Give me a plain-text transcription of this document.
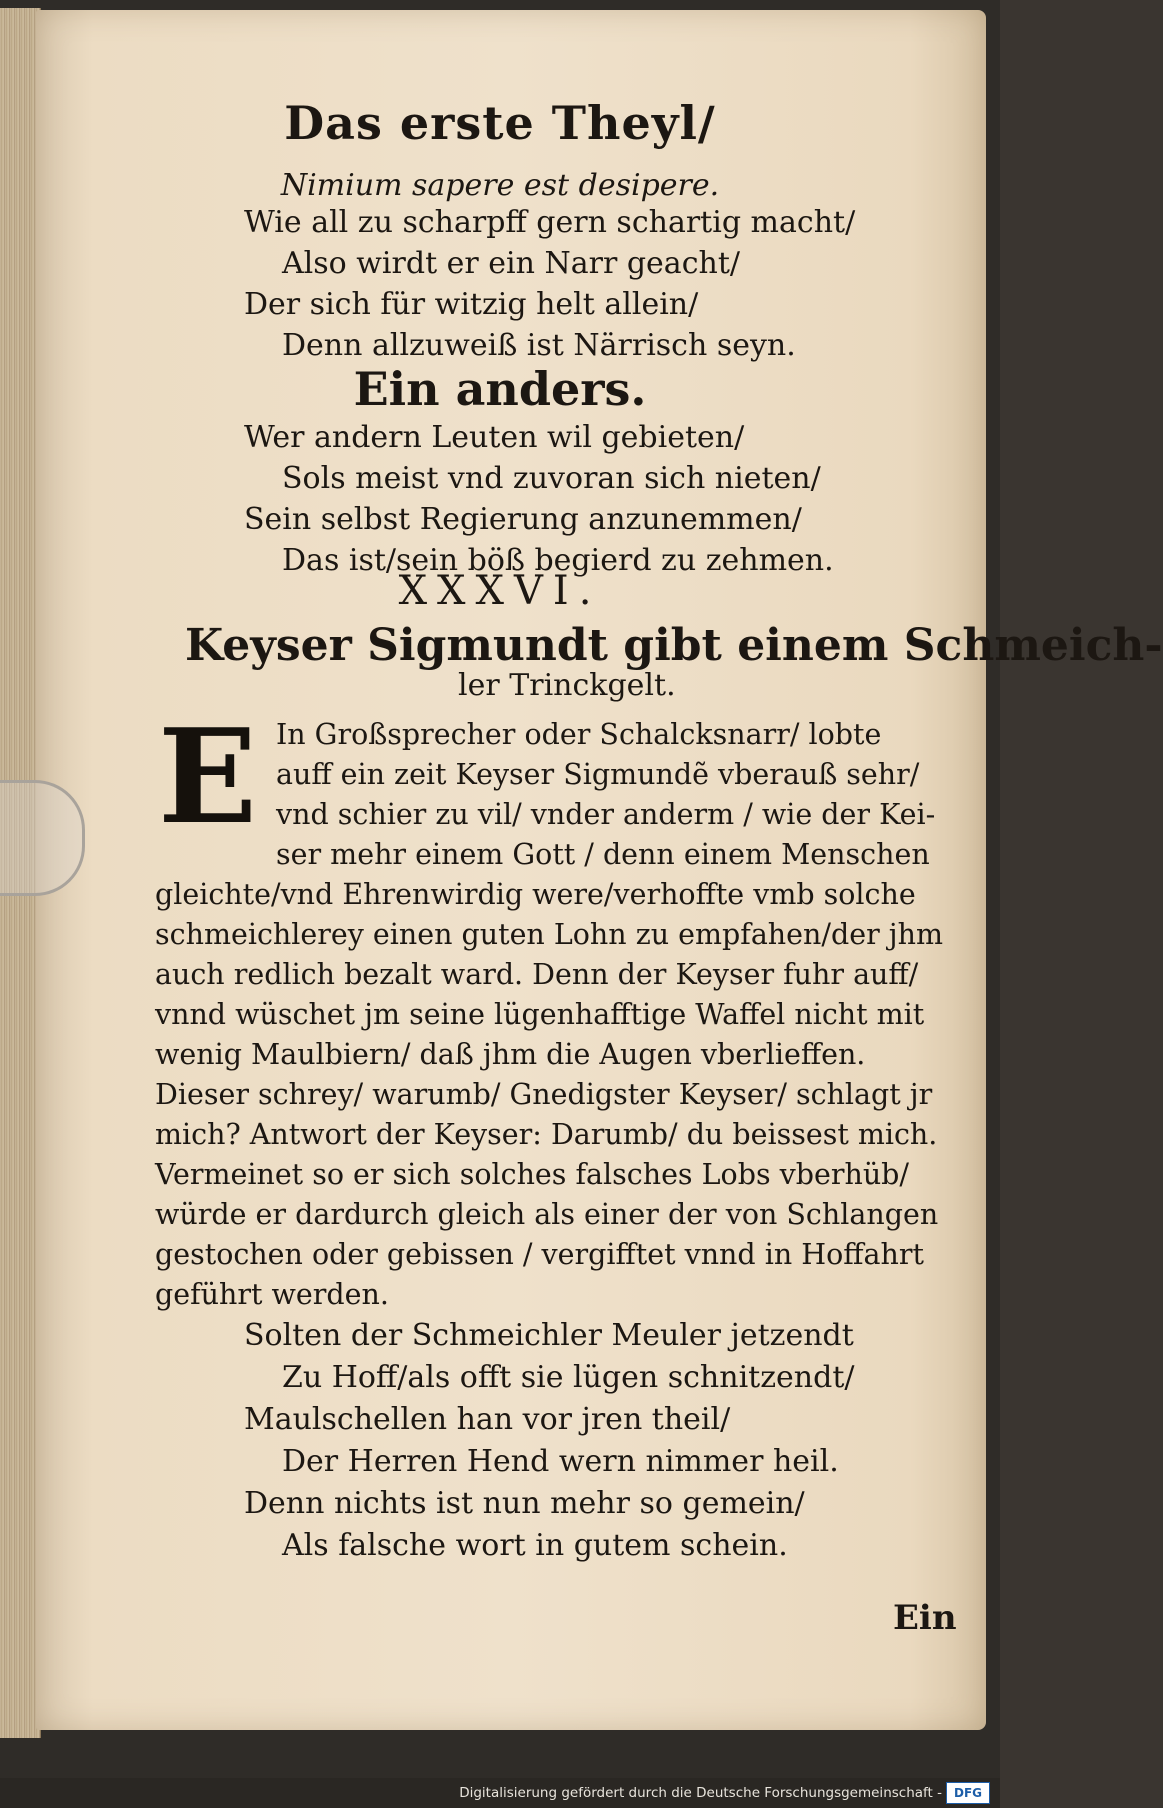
Das erste Theyl/
Nimium sapere est desipere.
Wie all zu scharpff gern schartig macht/
Also wirdt er ein Narr geacht/
Der sich für witzig helt allein/
Denn allzuweiß ist Närrisch seyn.
Ein anders.
Wer andern Leuten wil gebieten/
Sols meist vnd zuvoran sich nieten/
Sein selbst Regierung anzunemmen/
Das ist/sein böß begierd zu zehmen.
XXXVI.
Keyser Sigmundt gibt einem Schmeich-
ler Trinckgelt.
E In Großsprecher oder Schalcksnarr/ lobte
auff ein zeit Keyser Sigmundẽ vberauß sehr/
vnd schier zu vil/ vnder anderm / wie der Kei-
ser mehr einem Gott / denn einem Menschen
gleichte/vnd Ehrenwirdig were/verhoffte vmb solche
schmeichlerey einen guten Lohn zu empfahen/der jhm
auch redlich bezalt ward. Denn der Keyser fuhr auff/
vnnd wüschet jm seine lügenhafftige Waffel nicht mit
wenig Maulbiern/ daß jhm die Augen vberlieffen.
Dieser schrey/ warumb/ Gnedigster Keyser/ schlagt jr
mich? Antwort der Keyser: Darumb/ du beissest mich.
Vermeinet so er sich solches falsches Lobs vberhüb/
würde er dardurch gleich als einer der von Schlangen
gestochen oder gebissen / vergifftet vnnd in Hoffahrt
geführt werden.
Solten der Schmeichler Meuler jetzendt
Zu Hoff/als offt sie lügen schnitzendt/
Maulschellen han vor jren theil/
Der Herren Hend wern nimmer heil.
Denn nichts ist nun mehr so gemein/
Als falsche wort in gutem schein.
Ein
Digitalisierung gefördert durch die Deutsche Forschungsgemeinschaft - DFG
